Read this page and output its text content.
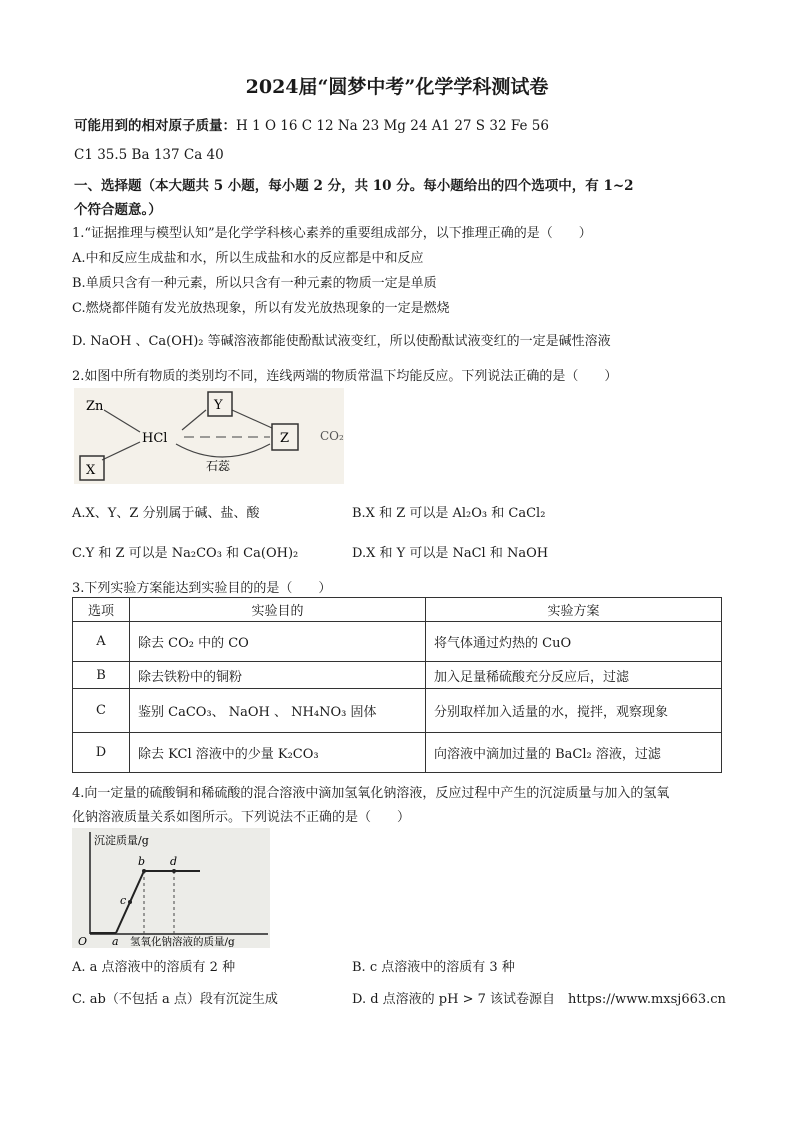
2024届“圆梦中考”化学学科测试卷
可能用到的相对原子质量：H 1 O 16 C 12 Na 23 Mg 24 A1 27 S 32 Fe 56
C1 35.5 Ba 137 Ca 40
一、选择题（本大题共 5 小题，每小题 2 分，共 10 分。每小题给出的四个选项中，有 1~2
个符合题意。）
1.“证据推理与模型认知”是化学学科核心素养的重要组成部分，以下推理正确的是（　　）
A.中和反应生成盐和水，所以生成盐和水的反应都是中和反应
B.单质只含有一种元素，所以只含有一种元素的物质一定是单质
C.燃烧都伴随有发光放热现象，所以有发光放热现象的一定是燃烧
D. NaOH 、Ca(OH)₂ 等碱溶液都能使酚酞试液变红，所以使酚酞试液变红的一定是碱性溶液
2.如图中所有物质的类别均不同，连线两端的物质常温下均能反应。下列说法正确的是（　　）
Zn
HCl
X
Y
Z	CO₂
石蕊
A.X、Y、Z 分别属于碱、盐、酸	B.X 和 Z 可以是 Al₂O₃ 和 CaCl₂
C.Y 和 Z 可以是 Na₂CO₃ 和 Ca(OH)₂	D.X 和 Y 可以是 NaCl 和 NaOH
3.下列实验方案能达到实验目的的是（　　）
选项	实验目的	实验方案
A	除去 CO₂ 中的 CO	将气体通过灼热的 CuO
B	除去铁粉中的铜粉	加入足量稀硫酸充分反应后，过滤
C	鉴别 CaCO₃、 NaOH 、 NH₄NO₃ 固体	分别取样加入适量的水，搅拌，观察现象
D	除去 KCl 溶液中的少量 K₂CO₃	向溶液中滴加过量的 BaCl₂ 溶液，过滤
4.向一定量的硫酸铜和稀硫酸的混合溶液中滴加氢氧化钠溶液，反应过程中产生的沉淀质量与加入的氢氧
化钠溶液质量关系如图所示。下列说法不正确的是（　　）
沉淀质量/g
氢氧化钠溶液的质量/g
O a
b
c
d
A. a 点溶液中的溶质有 2 种	B. c 点溶液中的溶质有 3 种
C. ab（不包括 a 点）段有沉淀生成	D. d 点溶液的 pH > 7 该试卷源自　https://www.mxsj663.cn
